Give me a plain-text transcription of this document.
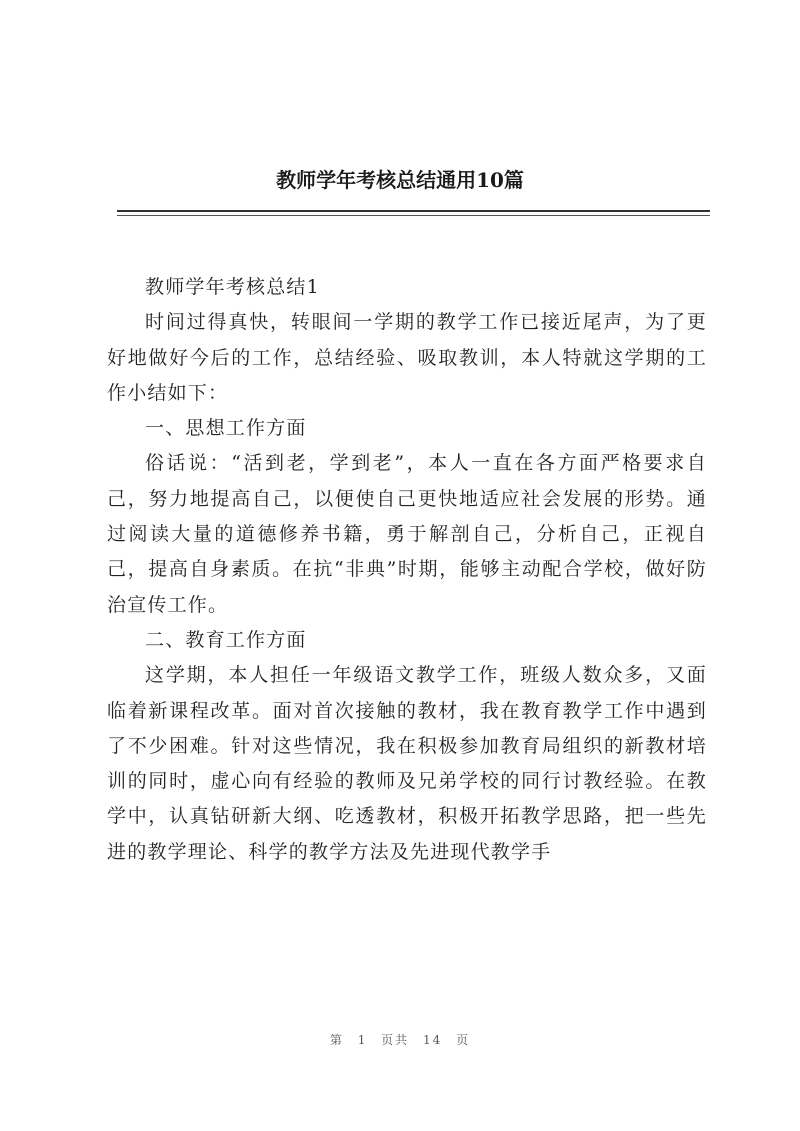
教师学年考核总结通用10篇

教师学年考核总结1

时间过得真快，转眼间一学期的教学工作已接近尾声，为了更好地做好今后的工作，总结经验、吸取教训，本人特就这学期的工作小结如下：

一、思想工作方面

俗话说：“活到老，学到老”，本人一直在各方面严格要求自己，努力地提高自己，以便使自己更快地适应社会发展的形势。通过阅读大量的道德修养书籍，勇于解剖自己，分析自己，正视自己，提高自身素质。在抗“非典”时期，能够主动配合学校，做好防治宣传工作。

二、教育工作方面

这学期，本人担任一年级语文教学工作，班级人数众多，又面临着新课程改革。面对首次接触的教材，我在教育教学工作中遇到了不少困难。针对这些情况，我在积极参加教育局组织的新教材培训的同时，虚心向有经验的教师及兄弟学校的同行讨教经验。在教学中，认真钻研新大纲、吃透教材，积极开拓教学思路，把一些先进的教学理论、科学的教学方法及先进现代教学手

第 1 页共 14 页
